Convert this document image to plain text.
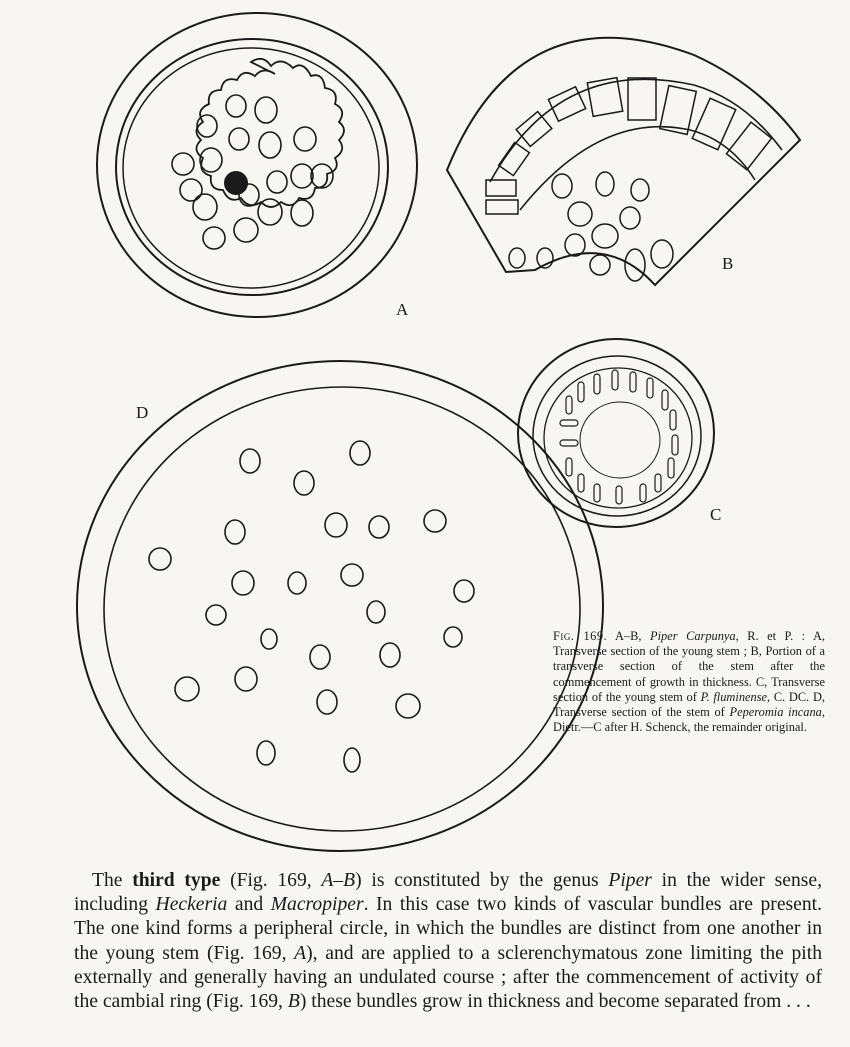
A
B
C
D
Fig. 169. A–B, Piper Carpunya, R. et P. : A, Transverse section of the young stem ; B, Portion of a transverse section of the stem after the commencement of growth in thickness. C, Transverse section of the young stem of P. fluminense, C. DC. D, Transverse section of the stem of Peperomia incana, Dietr.—C after H. Schenck, the remainder original.

The third type (Fig. 169, A–B) is constituted by the genus Piper in the wider sense, including Heckeria and Macropiper. In this case two kinds of vascular bundles are present. The one kind forms a peripheral circle, in which the bundles are distinct from one another in the young stem (Fig. 169, A), and are applied to a sclerenchymatous zone limiting the pith externally and generally having an undulated course ; after the commencement of activity of the cambial ring (Fig. 169, B) these bundles grow in thickness and become separated from . . .
